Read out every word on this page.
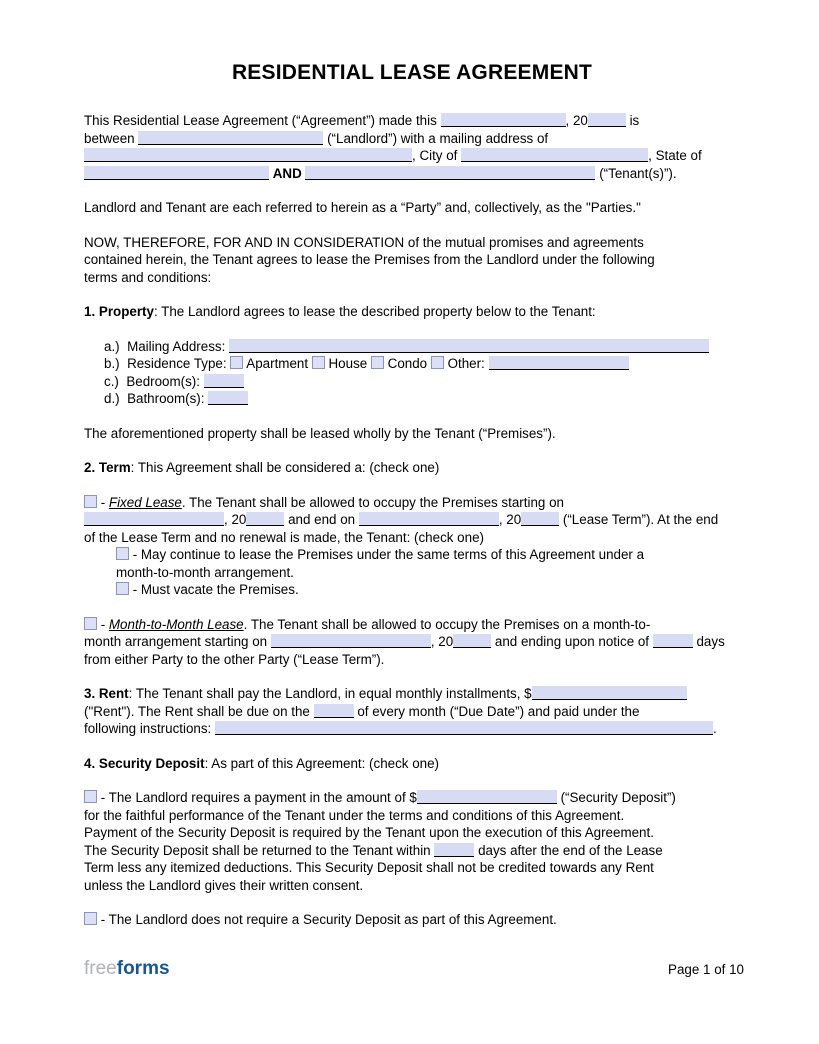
RESIDENTIAL LEASE AGREEMENT
This Residential Lease Agreement (“Agreement”) made this	, 20	is
between	(“Landlord”) with a mailing address of
, City of	, State of
AND	(“Tenant(s)”).
Landlord and Tenant are each referred to herein as a “Party” and, collectively, as the "Parties."
NOW, THEREFORE, FOR AND IN CONSIDERATION of the mutual promises and agreements
contained herein, the Tenant agrees to lease the Premises from the Landlord under the following
terms and conditions:
1. Property: The Landlord agrees to lease the described property below to the Tenant:
a.)  Mailing Address:
b.)  Residence Type:  Apartment  House  Condo  Other:
c.)  Bedroom(s):
d.)  Bathroom(s):
The aforementioned property shall be leased wholly by the Tenant (“Premises”).
2. Term: This Agreement shall be considered a: (check one)
- Fixed Lease. The Tenant shall be allowed to occupy the Premises starting on
, 20	and end on	, 20	(“Lease Term”). At the end
of the Lease Term and no renewal is made, the Tenant: (check one)
- May continue to lease the Premises under the same terms of this Agreement under a
month-to-month arrangement.
- Must vacate the Premises.
- Month-to-Month Lease. The Tenant shall be allowed to occupy the Premises on a month-to-
month arrangement starting on	, 20	and ending upon notice of	days
from either Party to the other Party (“Lease Term”).
3. Rent: The Tenant shall pay the Landlord, in equal monthly installments, $
("Rent"). The Rent shall be due on the	of every month (“Due Date”) and paid under the
following instructions:	.
4. Security Deposit: As part of this Agreement: (check one)
- The Landlord requires a payment in the amount of $	(“Security Deposit”)
for the faithful performance of the Tenant under the terms and conditions of this Agreement.
Payment of the Security Deposit is required by the Tenant upon the execution of this Agreement.
The Security Deposit shall be returned to the Tenant within	days after the end of the Lease
Term less any itemized deductions. This Security Deposit shall not be credited towards any Rent
unless the Landlord gives their written consent.
- The Landlord does not require a Security Deposit as part of this Agreement.
freeforms	Page 1 of 10
